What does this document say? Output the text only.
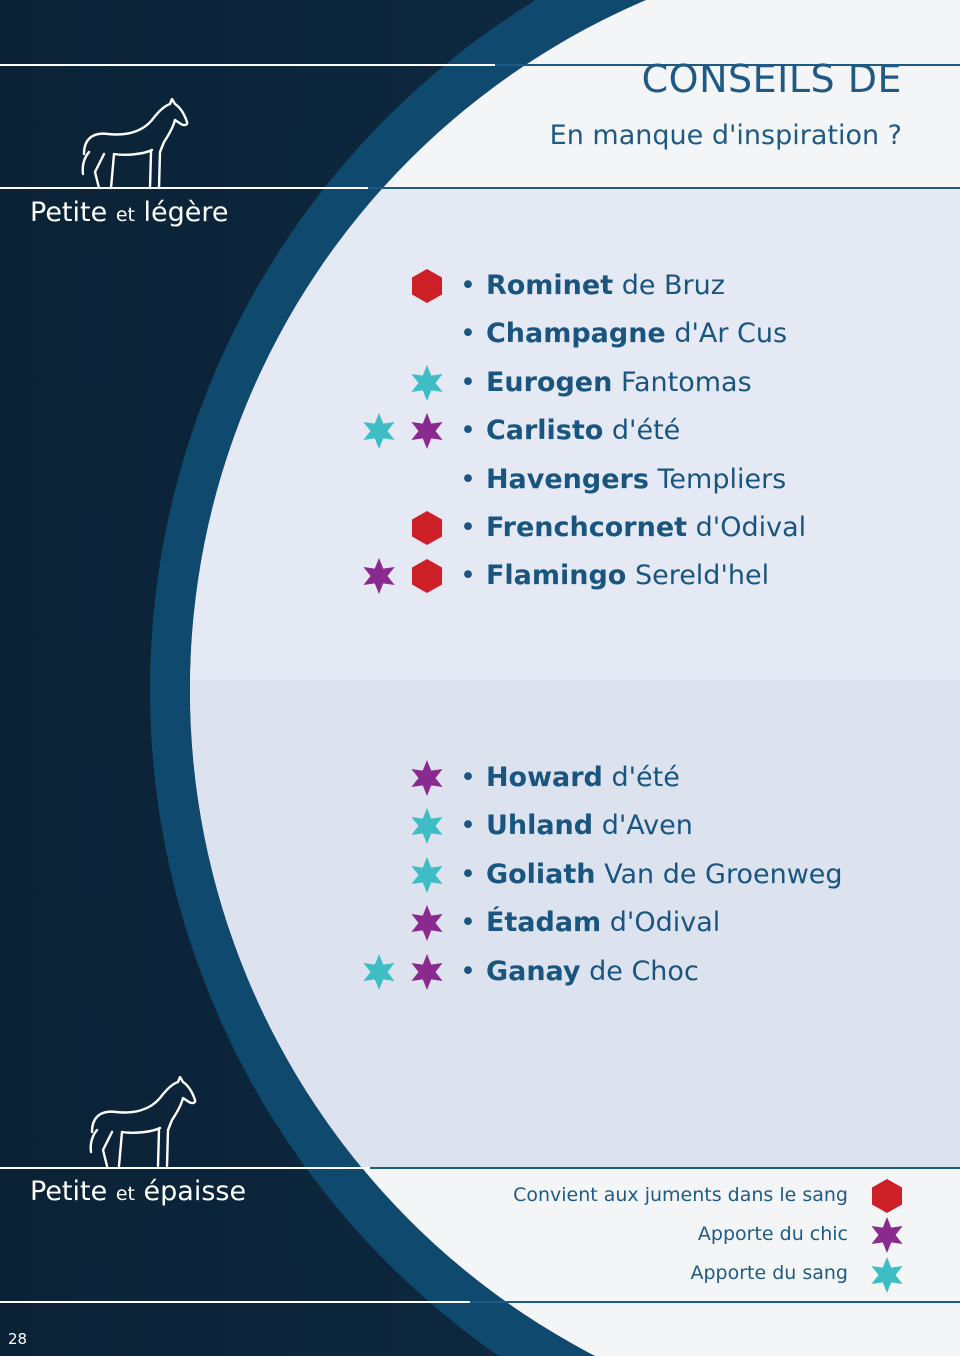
CONSEILS DE
En manque d'inspiration ?
Petite et légère
• Rominet de Bruz
• Champagne d'Ar Cus
• Eurogen Fantomas
• Carlisto d'été
• Havengers Templiers
• Frenchcornet d'Odival
• Flamingo Sereld'hel
Petite et épaisse
• Howard d'été
• Uhland d'Aven
• Goliath Van de Groenweg
• Étadam d'Odival
• Ganay de Choc
Convient aux juments dans le sang
Apporte du chic
Apporte du sang
28
